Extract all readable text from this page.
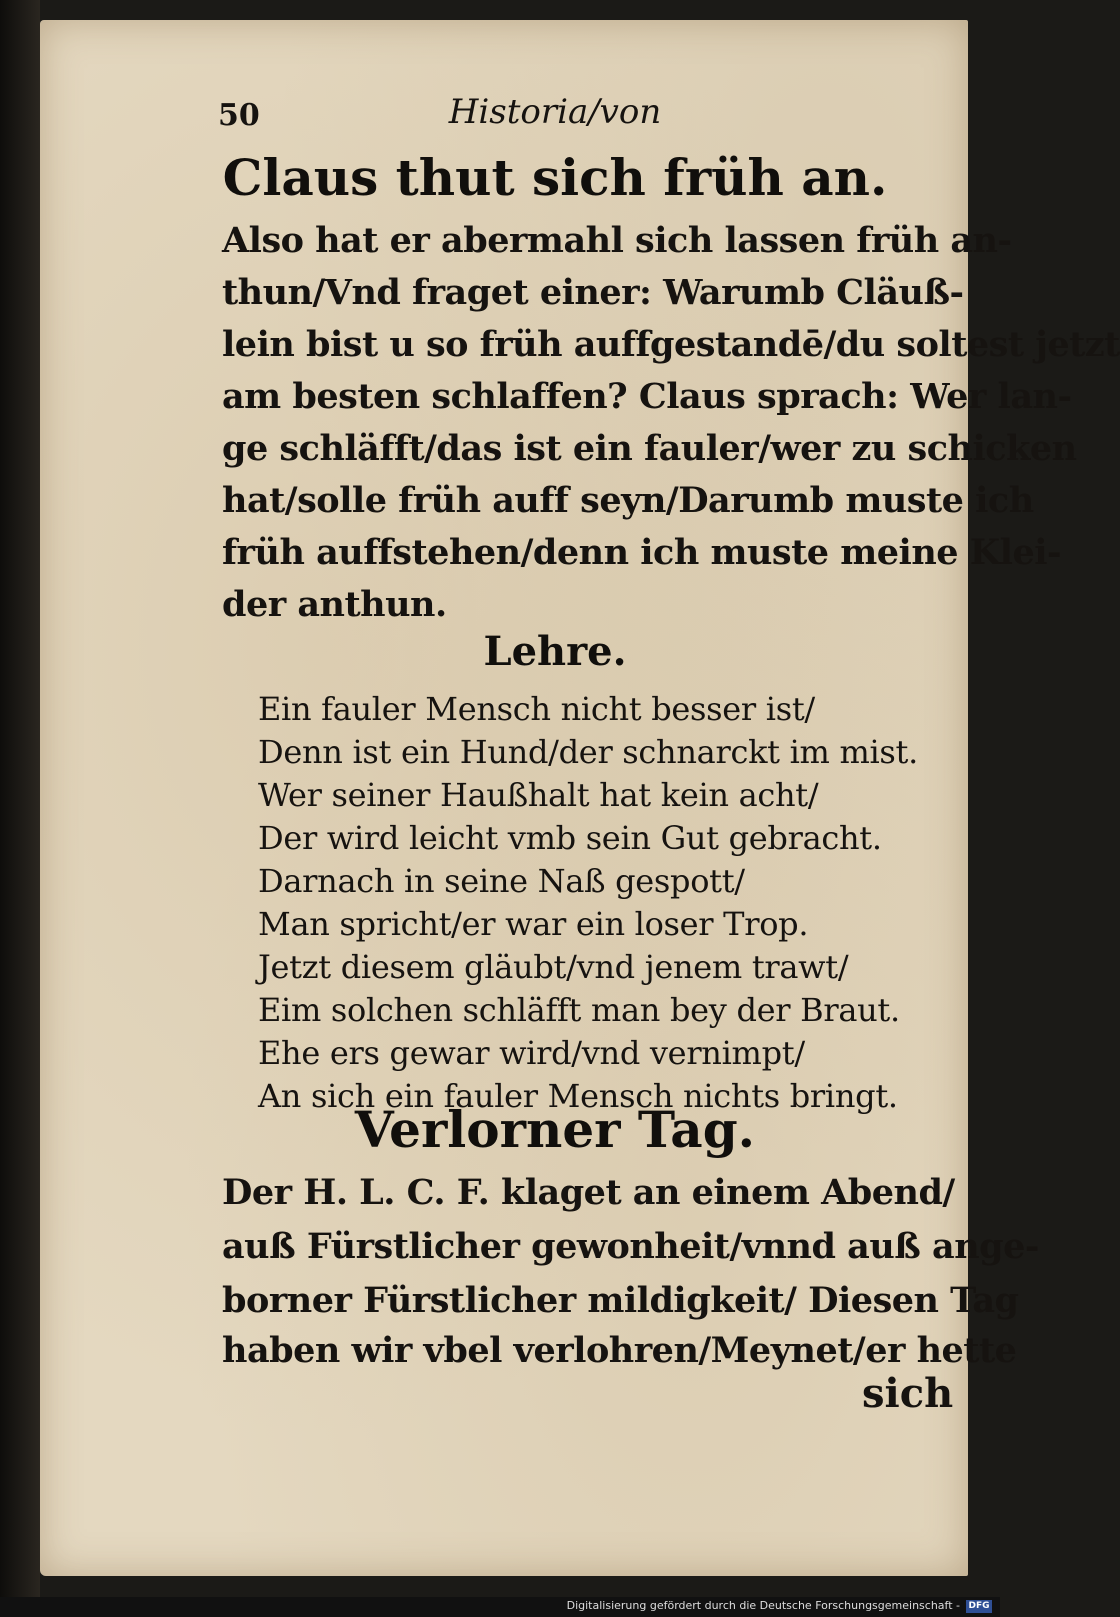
50	Historia/von
Claus thut sich früh an.
Also hat er abermahl sich lassen früh an-
thun/Vnd fraget einer: Warumb Cläuß-
lein bist u so früh auffgestandē/du soltest jetzt
am besten schlaffen? Claus sprach: Wer lan-
ge schläfft/das ist ein fauler/wer zu schicken
hat/solle früh auff seyn/Darumb muste ich
früh auffstehen/denn ich muste meine Klei-
der anthun.
Lehre.
Ein fauler Mensch nicht besser ist/
Denn ist ein Hund/der schnarckt im mist.
Wer seiner Haußhalt hat kein acht/
Der wird leicht vmb sein Gut gebracht.
Darnach in seine Naß gespott/
Man spricht/er war ein loser Trop.
Jetzt diesem gläubt/vnd jenem trawt/
Eim solchen schläfft man bey der Braut.
Ehe ers gewar wird/vnd vernimpt/
An sich ein fauler Mensch nichts bringt.
Verlorner Tag.
Der H. L. C. F. klaget an einem Abend/
auß Fürstlicher gewonheit/vnnd auß ange-
borner Fürstlicher mildigkeit/ Diesen Tag
haben wir vbel verlohren/Meynet/er hette
sich
Digitalisierung gefördert durch die Deutsche Forschungsgemeinschaft - DFG
